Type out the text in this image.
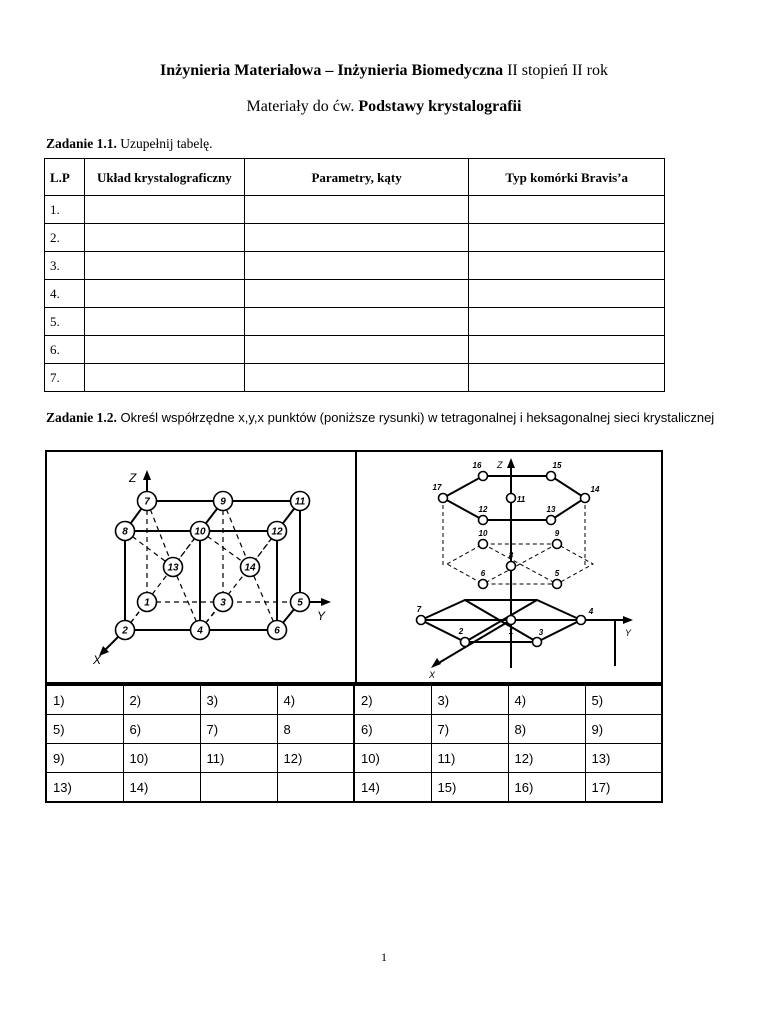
Inżynieria Materiałowa – Inżynieria Biomedyczna II stopień II rok
Materiały do ćw. Podstawy krystalografii
Zadanie 1.1. Uzupełnij tabelę.
L.P	Układ krystalograficzny	Parametry, kąty	Typ komórki Bravis’a
1.			
2.			
3.			
4.			
5.			
6.			
7.			
Zadanie 1.2. Określ współrzędne x,y,x punktów (poniższe rysunki) w tetragonalnej i heksagonalnej sieci krystalicznej
Z
Y
X
1
2
3
4
5
6
7
8
9
10
11
12
13	14
Z
Y
X
1
2	3
4
5
6
7
8
9
10
11
12	13
14
15
16
17
1)	2)	3)	4)	2)	3)	4)	5)
5)	6)	7)	8	6)	7)	8)	9)
9)	10)	11)	12)	10)	11)	12)	13)
13)	14)			14)	15)	16)	17)
1
